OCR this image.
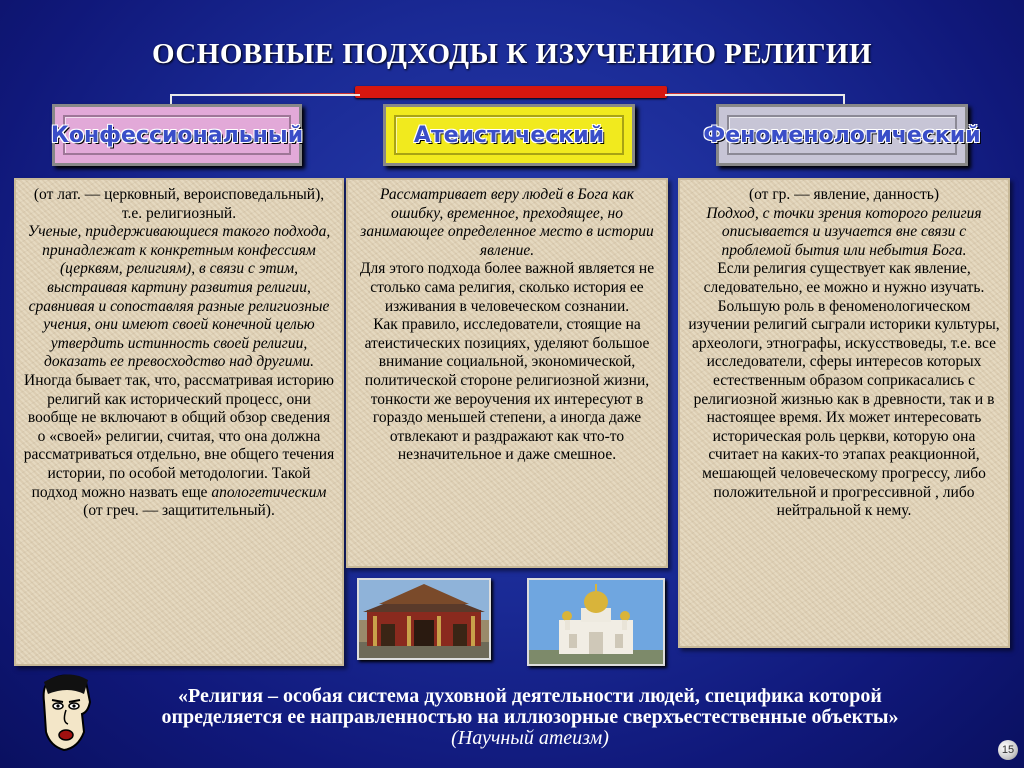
ОСНОВНЫЕ ПОДХОДЫ К ИЗУЧЕНИЮ РЕЛИГИИ
Конфессиональный	Атеистический	Феноменологический

(от лат. — церковный, вероисповедальный), т.е. религиозный.

Ученые, придерживающиеся такого подхода, принадлежат к конкретным конфессиям (церквям, религиям), в связи с этим, выстраивая картину развития религии, сравнивая и сопоставляя разные религиозные учения, они имеют своей конечной целью утвердить истинность своей религии, доказать ее превосходство над другими. Иногда бывает так, что, рассматривая историю религий как исторический процесс, они вообще не включают в общий обзор сведения о «своей» религии, считая, что она должна рассматриваться отдельно, вне общего течения истории, по особой методологии. Такой подход можно назвать еще апологетическим

(от греч. — защитительный).

Рассматривает веру людей в Бога как ошибку, временное, преходящее, но занимающее определенное место в истории явление.

Для этого подхода более важной является не столько сама религия, сколько история ее изживания в человеческом сознании.

Как правило, исследователи, стоящие на атеистических позициях, уделяют большое внимание социальной, экономической, политической стороне религиозной жизни, тонкости же вероучения их интересуют в гораздо меньшей степени, а иногда даже отвлекают и раздражают как что-то незначительное и даже смешное.

(от гр. — явление, данность)

Подход, с точки зрения которого религия описывается и изучается вне связи с проблемой бытия или небытия Бога.

Если религия существует как явление, следовательно, ее можно и нужно изучать. Большую роль в феноменологическом изучении религий сыграли историки культуры, археологи, этнографы, искусствоведы, т.е. все исследователи, сферы интересов которых естественным образом соприкасались с религиозной жизнью как в древности, так и в настоящее время. Их может интересовать историческая роль церкви, которую она считает на каких-то этапах реакционной, мешающей человеческому прогрессу, либо положительной и прогрессивной , либо нейтральной к нему.

«Религия – особая система духовной деятельности людей, специфика которой определяется ее направленностью на иллюзорные сверхъестественные объекты» (Научный атеизм)
15
